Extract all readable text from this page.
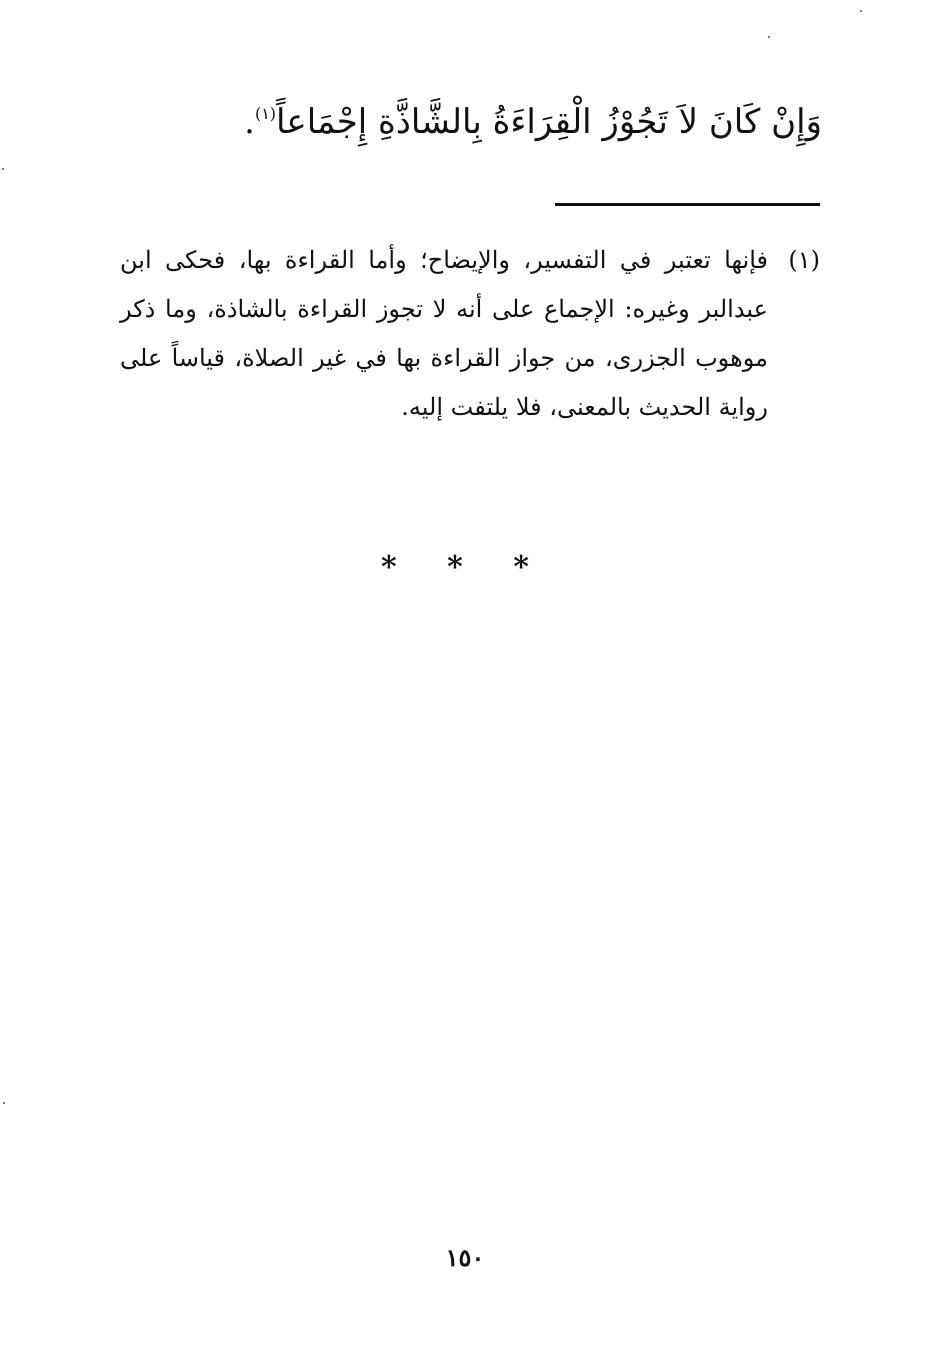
وَإِنْ كَانَ لاَ تَجُوْزُ الْقِرَاءَةُ بِالشَّاذَّةِ إِجْمَاعاً$^{(١)}$.
(١)
فإنها تعتبر في التفسير، والإيضاح؛ وأما القراءة بها، فحكى ابن عبدالبر وغيره: الإجماع على أنه لا تجوز القراءة بالشاذة، وما ذكر موهوب الجزرى، من جواز القراءة بها في غير الصلاة، قياساً على رواية الحديث بالمعنى، فلا يلتفت إليه.
* * *
١٥٠
